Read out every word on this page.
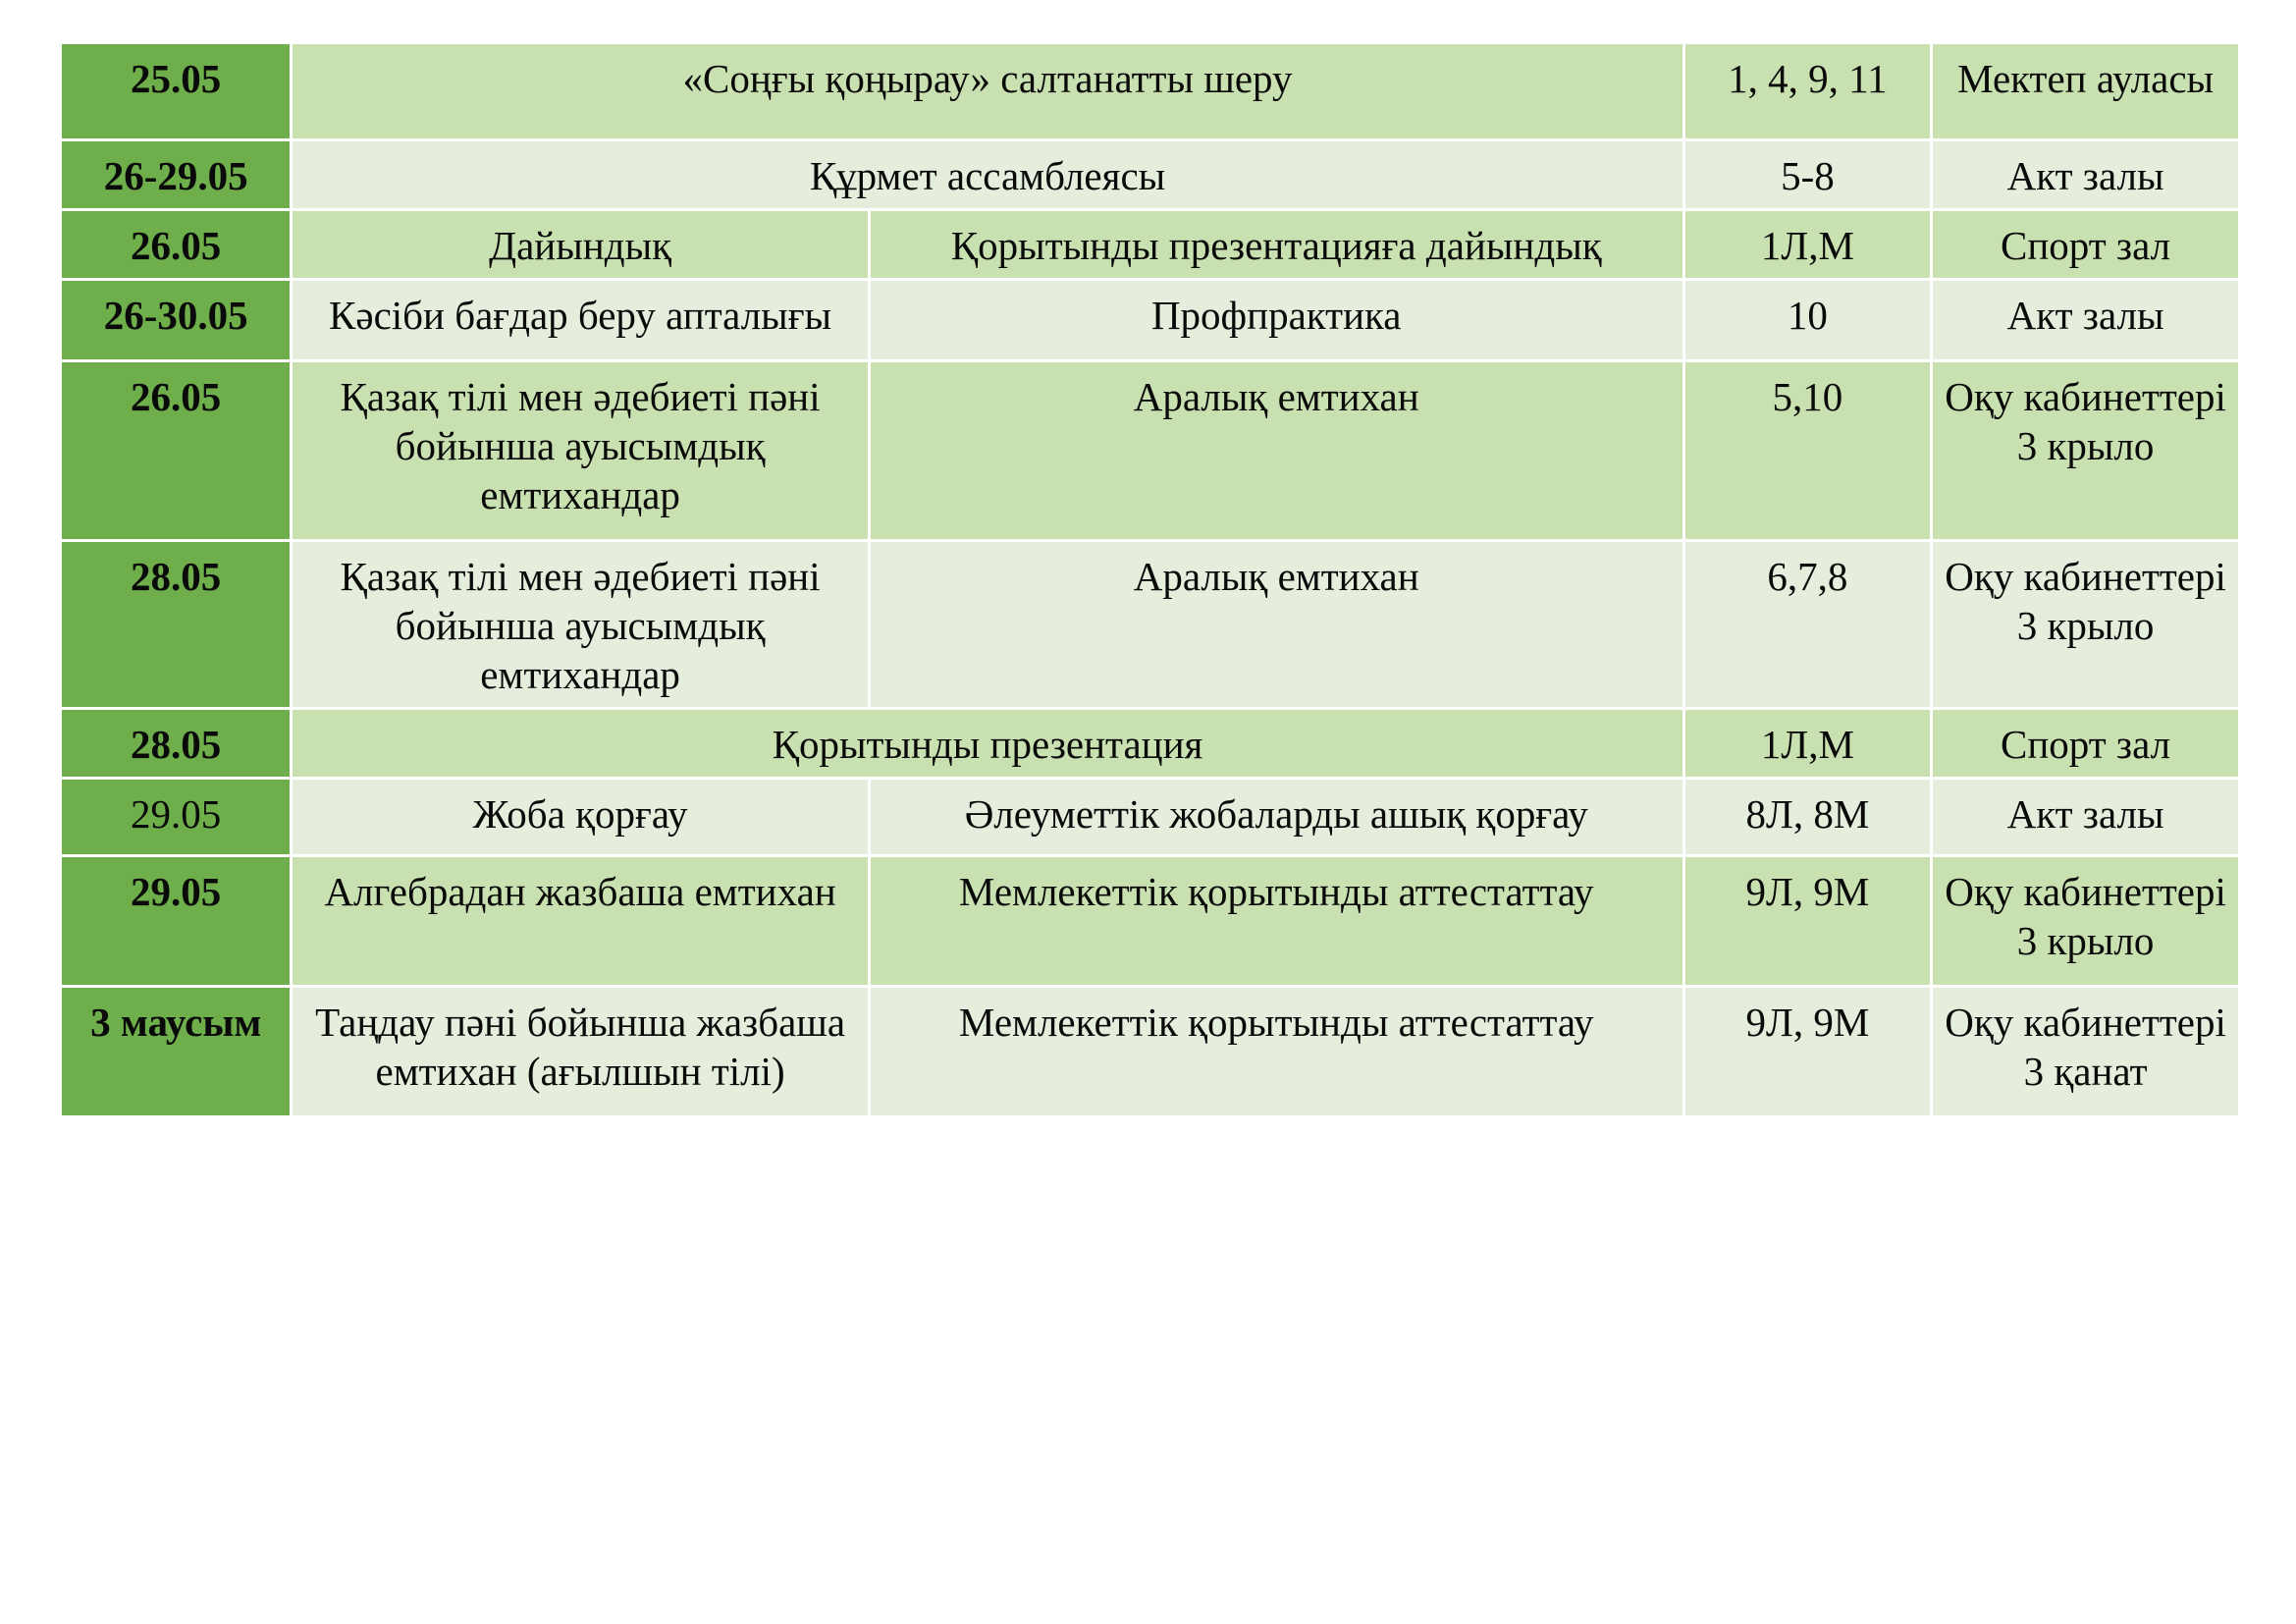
25.05	«Соңғы қоңырау» салтанатты шеру		1, 4, 9, 11	Мектеп ауласы
26-29.05	Құрмет ассамблеясы		5-8	Акт залы
26.05	Дайындық	Қорытынды презентацияға дайындық	1Л,М	Спорт зал
26-30.05	Кәсіби бағдар беру апталығы	Профпрактика	10	Акт залы
26.05	Қазақ тілі мен әдебиеті пәні бойынша ауысымдық емтихандар	Аралық емтихан	5,10	Оқу кабинеттері 3 крыло
28.05	Қазақ тілі мен әдебиеті пәні бойынша ауысымдық емтихандар	Аралық емтихан	6,7,8	Оқу кабинеттері 3 крыло
28.05	Қорытынды презентация		1Л,М	Спорт зал
29.05	Жоба қорғау	Әлеуметтік жобаларды ашық қорғау	8Л, 8М	Акт залы
29.05	Алгебрадан жазбаша емтихан	Мемлекеттік қорытынды аттестаттау	9Л, 9М	Оқу кабинеттері 3 крыло
3 маусым	Таңдау пәні бойынша жазбаша емтихан (ағылшын тілі)	Мемлекеттік қорытынды аттестаттау	9Л, 9М	Оқу кабинеттері 3 қанат
